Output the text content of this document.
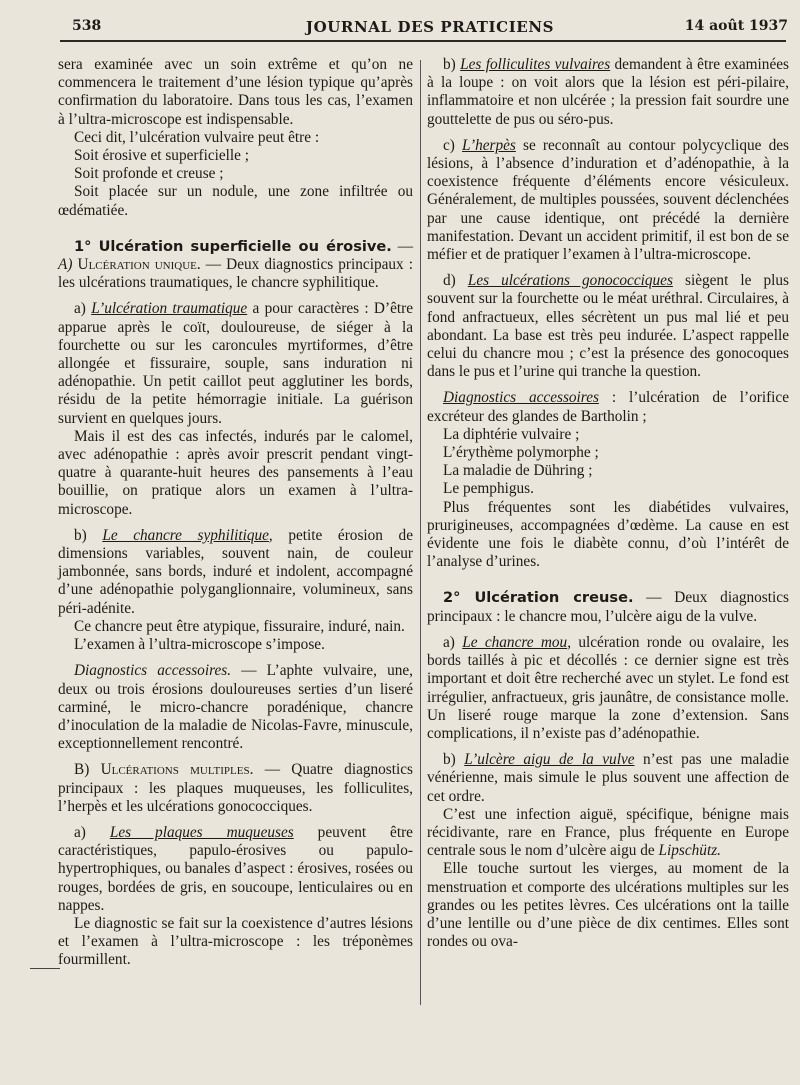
538	JOURNAL DES PRATICIENS	14 août 1937

sera examinée avec un soin extrême et qu’on ne commencera le traitement d’une lésion typique qu’après confirmation du laboratoire. Dans tous les cas, l’examen à l’ultra-microscope est indispensable.

Ceci dit, l’ulcération vulvaire peut être :

Soit érosive et superficielle ;

Soit profonde et creuse ;

Soit placée sur un nodule, une zone infiltrée ou œdématiée.

1° Ulcération superficielle ou érosive. — A) Ulcération unique. — Deux diagnostics principaux : les ulcérations traumatiques, le chancre syphilitique.

a) L’ulcération traumatique a pour caractères : D’être apparue après le coït, douloureuse, de siéger à la fourchette ou sur les caroncules myrtiformes, d’être allongée et fissuraire, souple, sans induration ni adénopathie. Un petit caillot peut agglutiner les bords, résidu de la petite hémorragie initiale. La guérison survient en quelques jours.

Mais il est des cas infectés, indurés par le calomel, avec adénopathie : après avoir prescrit pendant vingt-quatre à quarante-huit heures des pansements à l’eau bouillie, on pratique alors un examen à l’ultra-microscope.

b) Le chancre syphilitique, petite érosion de dimensions variables, souvent nain, de couleur jambonnée, sans bords, induré et indolent, accompagné d’une adénopathie polyganglionnaire, volumineux, sans péri-adénite.

Ce chancre peut être atypique, fissuraire, induré, nain.

L’examen à l’ultra-microscope s’impose.

Diagnostics accessoires. — L’aphte vulvaire, une, deux ou trois érosions douloureuses serties d’un liseré carminé, le micro-chancre poradénique, chancre d’inoculation de la maladie de Nicolas-Favre, minuscule, exceptionnellement rencontré.

B) Ulcérations multiples. — Quatre diagnostics principaux : les plaques muqueuses, les folliculites, l’herpès et les ulcérations gonococciques.

a) Les plaques muqueuses peuvent être caractéristiques, papulo-érosives ou papulo-hypertrophiques, ou banales d’aspect : érosives, rosées ou rouges, bordées de gris, en soucoupe, lenticulaires ou en nappes.

Le diagnostic se fait sur la coexistence d’autres lésions et l’examen à l’ultra-microscope : les tréponèmes fourmillent.

b) Les folliculites vulvaires demandent à être examinées à la loupe : on voit alors que la lésion est péri-pilaire, inflammatoire et non ulcérée ; la pression fait sourdre une gouttelette de pus ou séro-pus.

c) L’herpès se reconnaît au contour polycyclique des lésions, à l’absence d’induration et d’adénopathie, à la coexistence fréquente d’éléments encore vésiculeux. Généralement, de multiples poussées, souvent déclenchées par une cause identique, ont précédé la dernière manifestation. Devant un accident primitif, il est bon de se méfier et de pratiquer l’examen à l’ultra-microscope.

d) Les ulcérations gonococciques siègent le plus souvent sur la fourchette ou le méat uréthral. Circulaires, à fond anfractueux, elles sécrètent un pus mal lié et peu abondant. La base est très peu indurée. L’aspect rappelle celui du chancre mou ; c’est la présence des gonocoques dans le pus et l’urine qui tranche la question.

Diagnostics accessoires : l’ulcération de l’orifice excréteur des glandes de Bartholin ;

La diphtérie vulvaire ;

L’érythème polymorphe ;

La maladie de Dühring ;

Le pemphigus.

Plus fréquentes sont les diabétides vulvaires, prurigineuses, accompagnées d’œdème. La cause en est évidente une fois le diabète connu, d’où l’intérêt de l’analyse d’urines.

2° Ulcération creuse. — Deux diagnostics principaux : le chancre mou, l’ulcère aigu de la vulve.

a) Le chancre mou, ulcération ronde ou ovalaire, les bords taillés à pic et décollés : ce dernier signe est très important et doit être recherché avec un stylet. Le fond est irrégulier, anfractueux, gris jaunâtre, de consistance molle. Un liseré rouge marque la zone d’extension. Sans complications, il n’existe pas d’adénopathie.

b) L’ulcère aigu de la vulve n’est pas une maladie vénérienne, mais simule le plus souvent une affection de cet ordre.

C’est une infection aiguë, spécifique, bénigne mais récidivante, rare en France, plus fréquente en Europe centrale sous le nom d’ulcère aigu de Lipschütz.

Elle touche surtout les vierges, au moment de la menstruation et comporte des ulcérations multiples sur les grandes ou les petites lèvres. Ces ulcérations ont la taille d’une lentille ou d’une pièce de dix centimes. Elles sont rondes ou ova-
